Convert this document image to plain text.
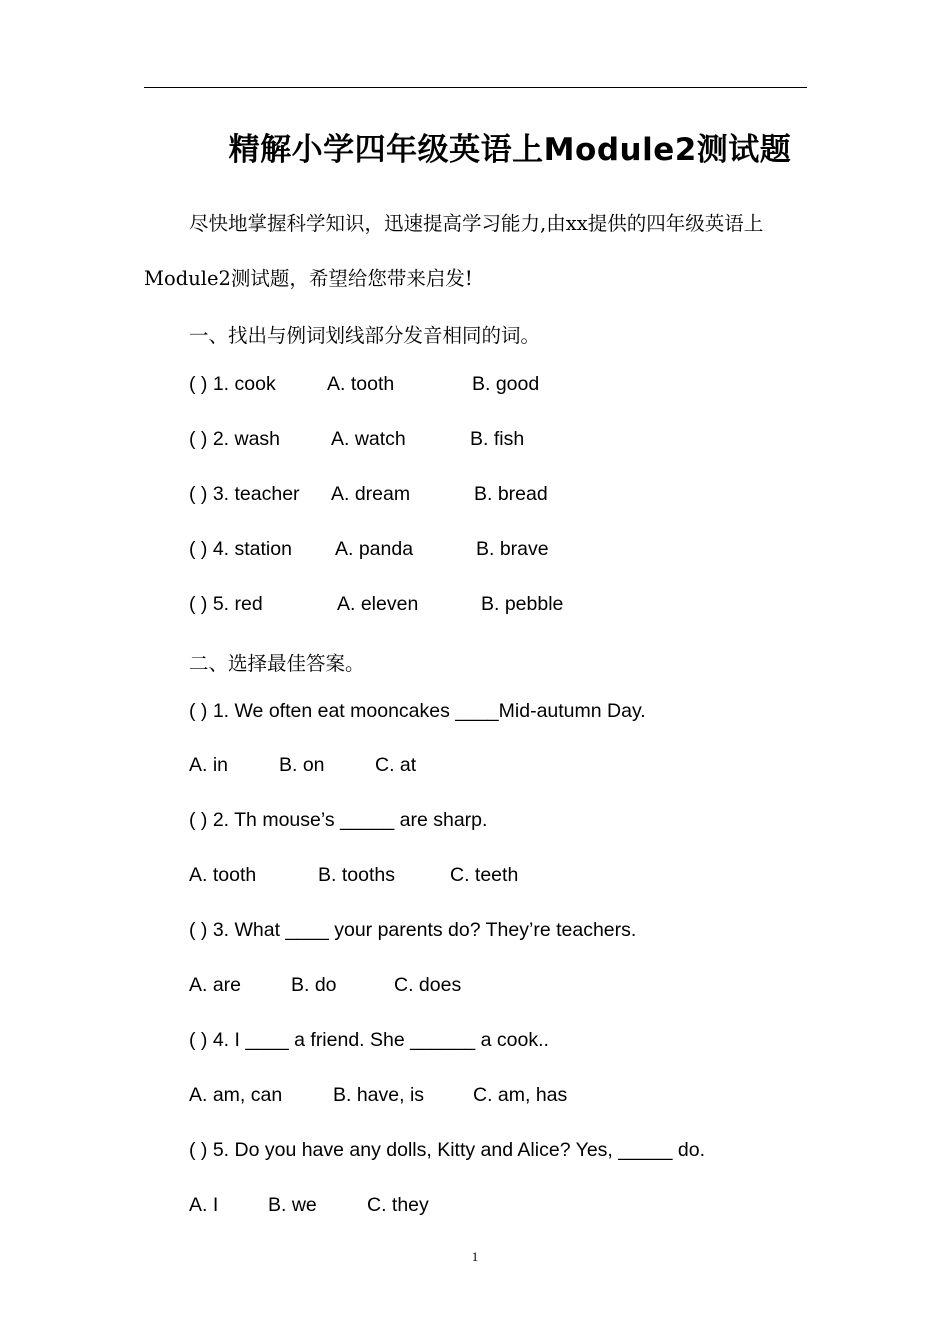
精解小学四年级英语上Module2测试题
尽快地掌握科学知识，迅速提高学习能力,由xx提供的四年级英语上Module2测试题，希望给您带来启发!
一、找出与例词划线部分发音相同的词。
( ) 1. cook	A. tooth	B. good
( ) 2. wash	A. watch	B. fish
( ) 3. teacher A. dream	B. bread
( ) 4. station A. panda	B. brave
( ) 5. red	A. eleven	B. pebble
二、选择最佳答案。
( ) 1. We often eat mooncakes ____Mid-autumn Day.
A. in	B. on	C. at
( ) 2. Th mouse’s _____ are sharp.
A. tooth	B. tooths	C. teeth
( ) 3. What ____ your parents do? They’re teachers.
A. are	B. do	C. does
( ) 4. I ____ a friend. She ______ a cook..
A. am, can	B. have, is	C. am, has
( ) 5. Do you have any dolls, Kitty and Alice? Yes, _____ do.
A. I	B. we	C. they
1
